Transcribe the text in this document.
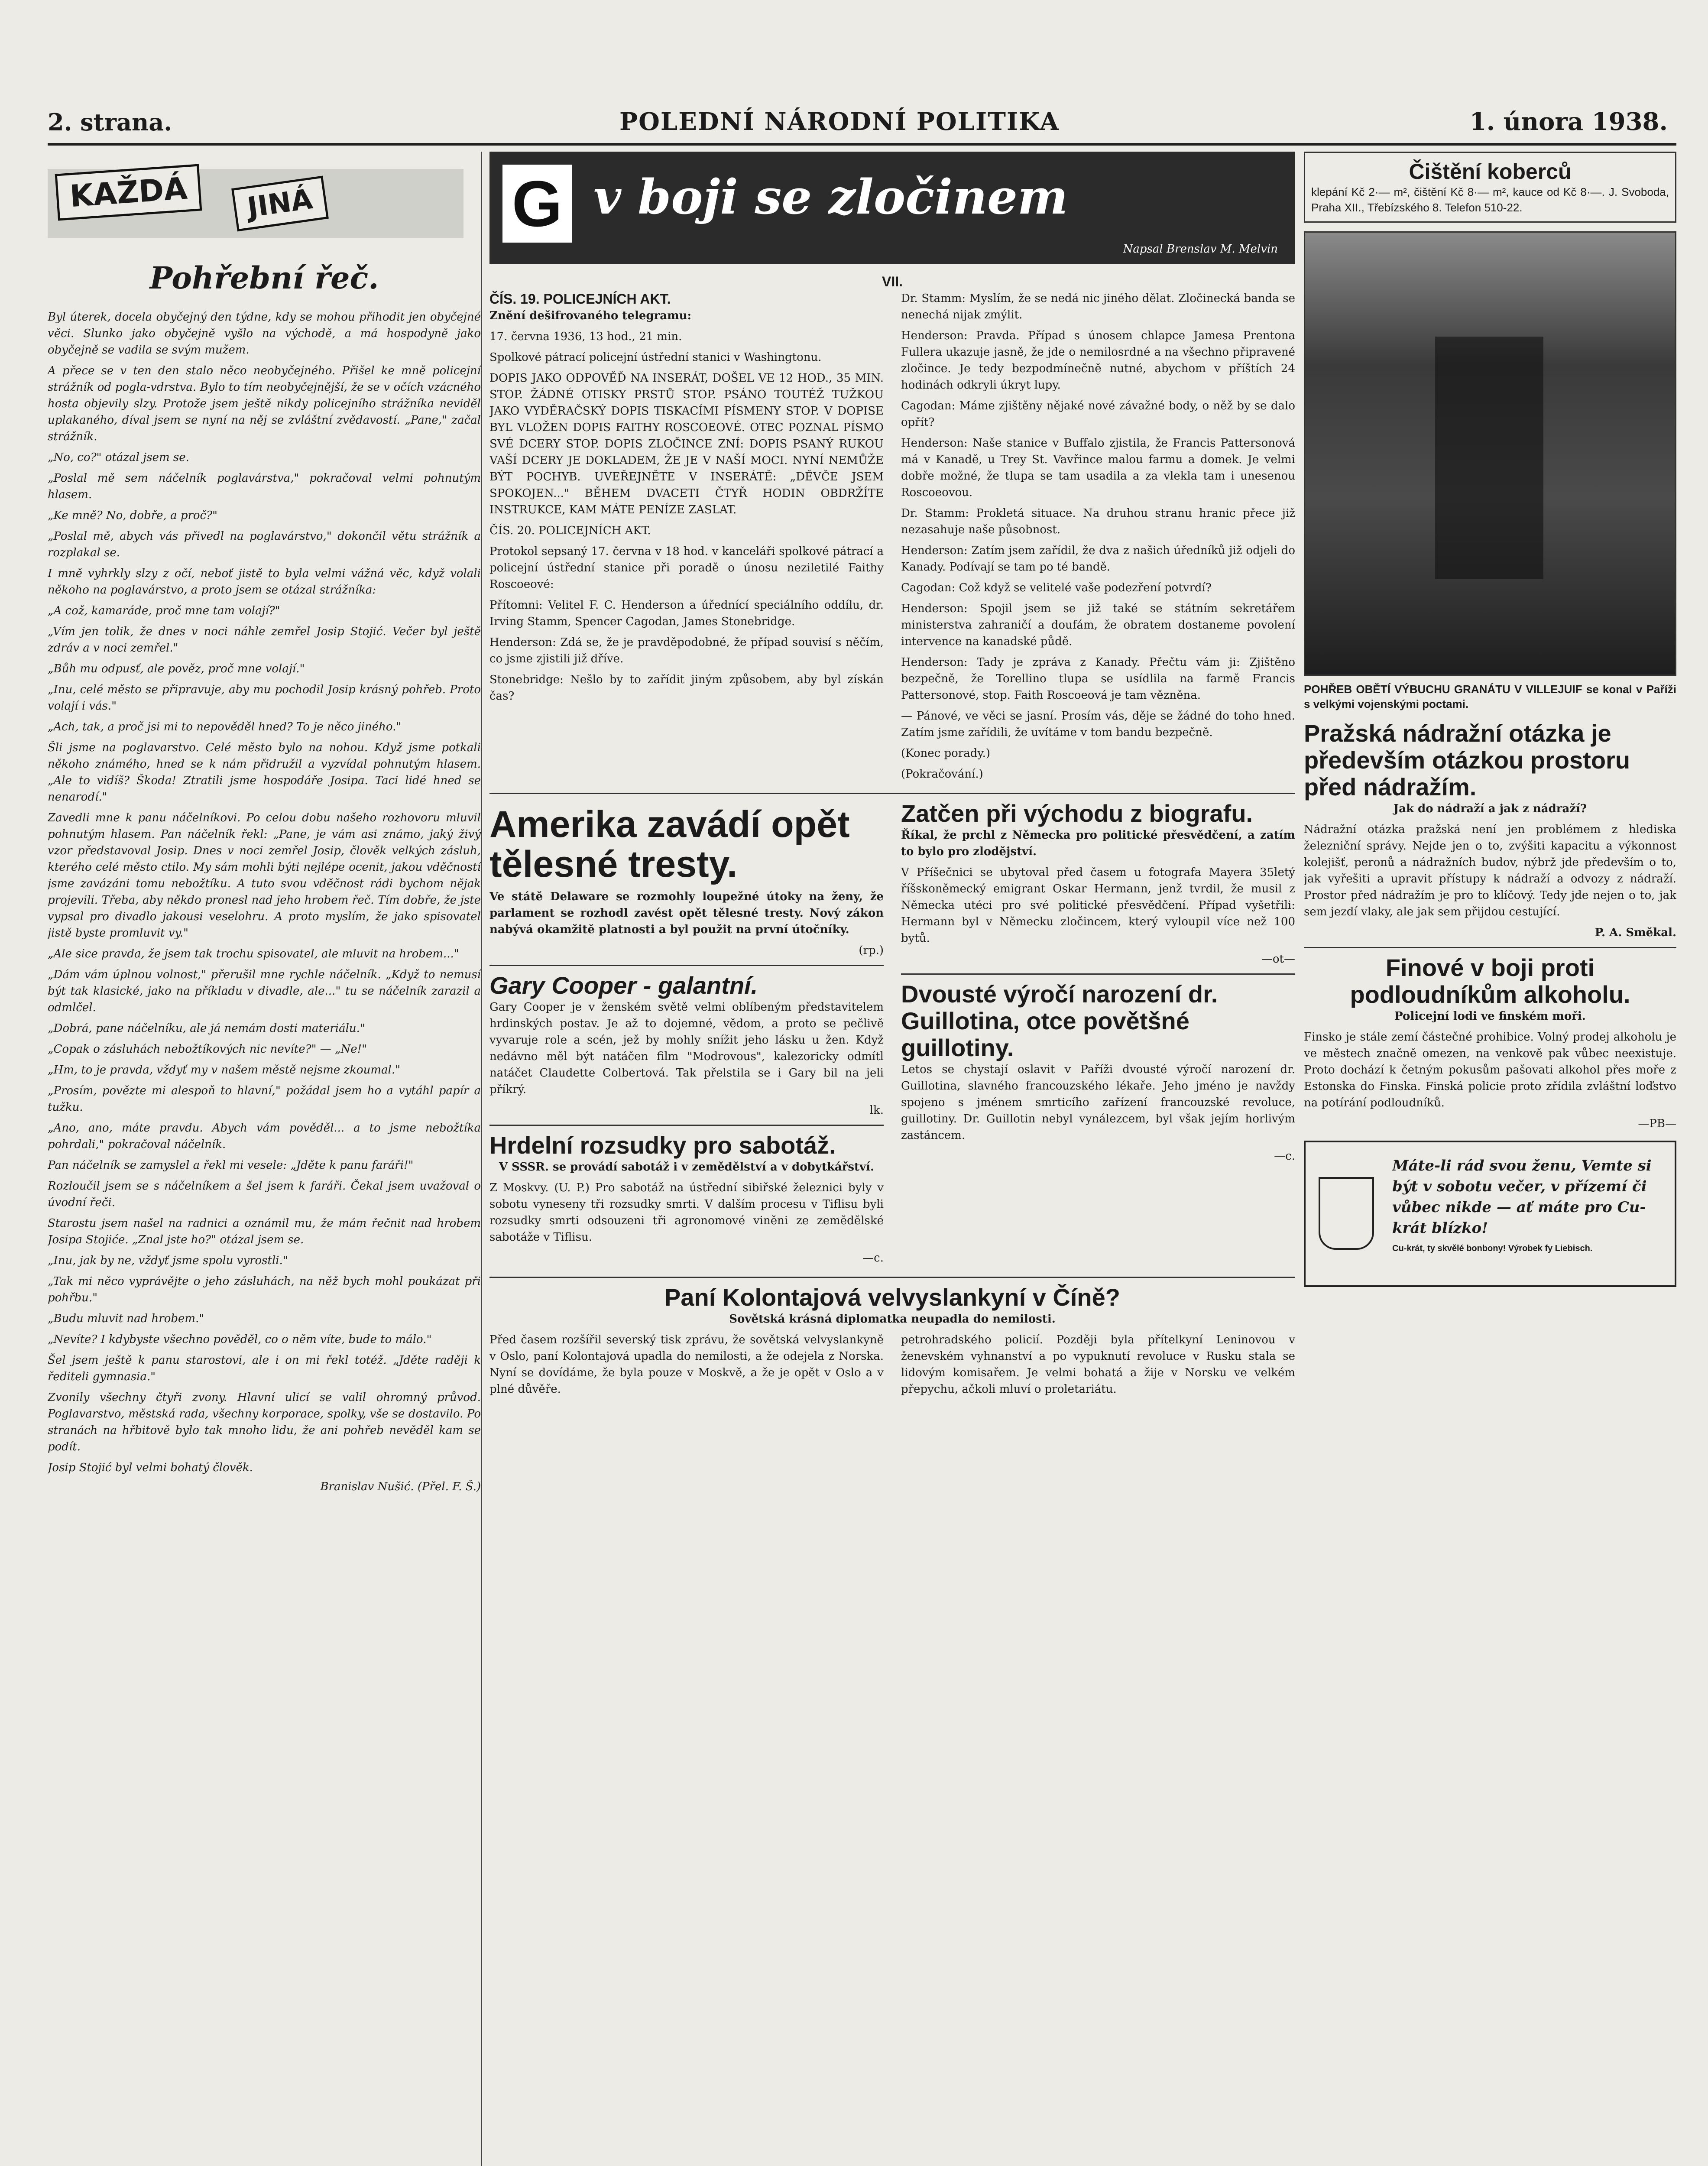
2. strana.	POLEDNÍ NÁRODNÍ POLITIKA	1. února 1938.
KAŽDÁ	JINÁ
Pohřební řeč.
Byl úterek, docela obyčejný den týdne, kdy se mohou přihodit jen obyčejné věci. Slunko jako obyčejně vyšlo na východě, a má hospodyně jako obyčejně se vadila se svým mužem.
A přece se v ten den stalo něco neobyčejného. Přišel ke mně policejní strážník od pogla-vdrstva. Bylo to tím neobyčejnější, že se v očích vzácného hosta objevily slzy. Protože jsem ještě nikdy policejního strážníka neviděl uplakaného, díval jsem se nyní na něj se zvláštní zvědavostí. „Pane," začal strážník.
„No, co?" otázal jsem se.
„Poslal mě sem náčelník poglavárstva," pokračoval velmi pohnutým hlasem.
„Ke mně? No, dobře, a proč?"
„Poslal mě, abych vás přivedl na poglavárstvo," dokončil větu strážník a rozplakal se.
I mně vyhrkly slzy z očí, neboť jistě to byla velmi vážná věc, když volali někoho na poglavárstvo, a proto jsem se otázal strážníka:
„A což, kamaráde, proč mne tam volají?"
„Vím jen tolik, že dnes v noci náhle zemřel Josip Stojić. Večer byl ještě zdráv a v noci zemřel."
„Bůh mu odpusť, ale pověz, proč mne volají."
„Inu, celé město se připravuje, aby mu pochodil Josip krásný pohřeb. Proto volají i vás."
„Ach, tak, a proč jsi mi to nepověděl hned? To je něco jiného."
Šli jsme na poglavarstvo. Celé město bylo na nohou. Když jsme potkali někoho známého, hned se k nám přidružil a vyzvídal pohnutým hlasem. „Ale to vidíš? Škoda! Ztratili jsme hospodáře Josipa. Taci lidé hned se nenarodí."
Zavedli mne k panu náčelníkovi. Po celou dobu našeho rozhovoru mluvil pohnutým hlasem. Pan náčelník řekl: „Pane, je vám asi známo, jaký živý vzor představoval Josip. Dnes v noci zemřel Josip, člověk velkých zásluh, kterého celé město ctilo. My sám mohli býti nejlépe ocenit, jakou vděčností jsme zavázáni tomu nebožtíku. A tuto svou vděčnost rádi bychom nějak projevili. Třeba, aby někdo pronesl nad jeho hrobem řeč. Tím dobře, že jste vypsal pro divadlo jakousi veselohru. A proto myslím, že jako spisovatel jistě byste promluvit vy."
„Ale sice pravda, že jsem tak trochu spisovatel, ale mluvit na hrobem..."
„Dám vám úplnou volnost," přerušil mne rychle náčelník. „Když to nemusí být tak klasické, jako na příkladu v divadle, ale..." tu se náčelník zarazil a odmlčel.
„Dobrá, pane náčelníku, ale já nemám dosti materiálu."
„Copak o zásluhách nebožtíkových nic nevíte?" — „Ne!"
„Hm, to je pravda, vždyť my v našem městě nejsme zkoumal."
„Prosím, povězte mi alespoň to hlavní," požádal jsem ho a vytáhl papír a tužku.
„Ano, ano, máte pravdu. Abych vám pověděl... a to jsme nebožtíka pohrdali," pokračoval náčelník.
Pan náčelník se zamyslel a řekl mi vesele: „Jděte k panu faráři!"
Rozloučil jsem se s náčelníkem a šel jsem k faráři. Čekal jsem uvažoval o úvodní řeči.
Starostu jsem našel na radnici a oznámil mu, že mám řečnit nad hrobem Josipa Stojiće. „Znal jste ho?" otázal jsem se.
„Inu, jak by ne, vždyť jsme spolu vyrostli."
„Tak mi něco vyprávějte o jeho zásluhách, na něž bych mohl poukázat při pohřbu."
„Budu mluvit nad hrobem."
„Nevíte? I kdybyste všechno pověděl, co o něm víte, bude to málo."
Šel jsem ještě k panu starostovi, ale i on mi řekl totéž. „Jděte raději k řediteli gymnasia."
Zvonily všechny čtyři zvony. Hlavní ulicí se valil ohromný průvod. Poglavarstvo, městská rada, všechny korporace, spolky, vše se dostavilo. Po stranách na hřbitově bylo tak mnoho lidu, že ani pohřeb nevěděl kam se podít.
Josip Stojić byl velmi bohatý člověk.
Branislav Nušić. (Přel. F. Š.)
G v boji se zločinem
Napsal Brenslav M. Melvin
VII.
ČÍS. 19. POLICEJNÍCH AKT.
Znění dešifrovaného telegramu:
17. června 1936, 13 hod., 21 min.
Spolkové pátrací policejní ústřední stanici v Washingtonu.
DOPIS JAKO ODPOVĚĎ NA INSERÁT, DOŠEL VE 12 HOD., 35 MIN. STOP. ŽÁDNÉ OTISKY PRSTŮ STOP. PSÁNO TOUTÉŽ TUŽKOU JAKO VYDĚRAČSKÝ DOPIS TISKACÍMI PÍSMENY STOP. V DOPISE BYL VLOŽEN DOPIS FAITHY ROSCOEOVÉ. OTEC POZNAL PÍSMO SVÉ DCERY STOP. DOPIS ZLOČINCE ZNÍ: DOPIS PSANÝ RUKOU VAŠÍ DCERY JE DOKLADEM, ŽE JE V NAŠÍ MOCI. NYNÍ NEMŮŽE BÝT POCHYB. UVEŘEJNĚTE V INSERÁTĚ: „DĚVČE JSEM SPOKOJEN..." BĚHEM DVACETI ČTYŘ HODIN OBDRŽÍTE INSTRUKCE, KAM MÁTE PENÍZE ZASLAT.
ČÍS. 20. POLICEJNÍCH AKT.
Protokol sepsaný 17. června v 18 hod. v kanceláři spolkové pátrací a policejní ústřední stanice při poradě o únosu neziletilé Faithy Roscoeové:
Přítomni: Velitel F. C. Henderson a úřednící speciálního oddílu, dr. Irving Stamm, Spencer Cagodan, James Stonebridge.
Henderson: Zdá se, že je pravděpodobné, že případ souvisí s něčím, co jsme zjistili již dříve.
Stonebridge: Nešlo by to zařídit jiným způsobem, aby byl získán čas?
Dr. Stamm: Myslím, že se nedá nic jiného dělat. Zločinecká banda se nenechá nijak zmýlit.
Henderson: Pravda. Případ s únosem chlapce Jamesa Prentona Fullera ukazuje jasně, že jde o nemilosrdné a na všechno připravené zločince. Je tedy bezpodmínečně nutné, abychom v příštích 24 hodinách odkryli úkryt lupy.
Cagodan: Máme zjištěny nějaké nové závažné body, o něž by se dalo opřít?
Henderson: Naše stanice v Buffalo zjistila, že Francis Pattersonová má v Kanadě, u Trey St. Vavřince malou farmu a domek. Je velmi dobře možné, že tlupa se tam usadila a za vlekla tam i unesenou Roscoeovou.
Dr. Stamm: Prokletá situace. Na druhou stranu hranic přece již nezasahuje naše působnost.
Henderson: Zatím jsem zařídil, že dva z našich úředníků již odjeli do Kanady. Podívají se tam po té bandě.
Cagodan: Což když se velitelé vaše podezření potvrdí?
Henderson: Spojil jsem se již také se státním sekretářem ministerstva zahraničí a doufám, že obratem dostaneme povolení intervence na kanadské půdě.
Henderson: Tady je zpráva z Kanady. Přečtu vám ji: Zjištěno bezpečně, že Torellino tlupa se usídlila na farmě Francis Pattersonové, stop. Faith Roscoeová je tam vězněna.
— Pánové, ve věci se jasní. Prosím vás, děje se žádné do toho hned. Zatím jsme zařídili, že uvítáme v tom bandu bezpečně.
(Konec porady.)
(Pokračování.)
Amerika zavádí opět tělesné tresty.
Ve státě Delaware se rozmohly loupežné útoky na ženy, že parlament se rozhodl zavést opět tělesné tresty. Nový zákon nabývá okamžitě platnosti a byl použit na první útočníky.
(rp.)
Gary Cooper - galantní.
Gary Cooper je v ženském světě velmi oblíbeným představitelem hrdinských postav. Je až to dojemné, vědom, a proto se pečlivě vyvaruje role a scén, jež by mohly snížit jeho lásku u žen. Když nedávno měl být natáčen film "Modrovous", kalezoricky odmítl natáčet Claudette Colbertová. Tak přelstila se i Gary bil na jeli příkrý.
lk.
Hrdelní rozsudky pro sabotáž.
V SSSR. se provádí sabotáž i v zemědělství a v dobytkářství.
Z Moskvy. (U. P.) Pro sabotáž na ústřední sibiřské železnici byly v sobotu vyneseny tři rozsudky smrti. V dalším procesu v Tiflisu byli rozsudky smrti odsouzeni tři agronomové viněni ze zemědělské sabotáže v Tiflisu.
—c.
Zatčen při východu z biografu.
Říkal, že prchl z Německa pro politické přesvědčení, a zatím to bylo pro zlodějství.
V Příšečnici se ubytoval před časem u fotografa Mayera 35letý říšskoněmecký emigrant Oskar Hermann, jenž tvrdil, že musil z Německa utéci pro své politické přesvědčení. Případ vyšetřili: Hermann byl v Německu zločincem, který vyloupil více než 100 bytů.
—ot—
Dvousté výročí narození dr. Guillotina, otce povětšné guillotiny.
Letos se chystají oslavit v Paříži dvousté výročí narození dr. Guillotina, slavného francouzského lékaře. Jeho jméno je navždy spojeno s jménem smrticího zařízení francouzské revoluce, guillotiny. Dr. Guillotin nebyl vynálezcem, byl však jejím horlivým zastáncem.
—c.
Paní Kolontajová velvyslankyní v Číně?
Sovětská krásná diplomatka neupadla do nemilosti.
Před časem rozšířil severský tisk zprávu, že sovětská velvyslankyně v Oslo, paní Kolontajová upadla do nemilosti, a že odejela z Norska. Nyní se dovídáme, že byla pouze v Moskvě, a že je opět v Oslo a v plné důvěře.
petrohradského policií. Později byla přítelkyní Leninovou v ženevském vyhnanství a po vypuknutí revoluce v Rusku stala se lidovým komisařem. Je velmi bohatá a žije v Norsku ve velkém přepychu, ačkoli mluví o proletariátu.
Čištění koberců
klepání Kč 2·— m², čištění Kč 8·— m², kauce od Kč 8·—. J. Svoboda, Praha XII., Třebízského 8. Telefon 510-22.
POHŘEB OBĚTÍ VÝBUCHU GRANÁTU V VILLEJUIF se konal v Paříži s velkými vojenskými poctami.
Pražská nádražní otázka je především otázkou prostoru před nádražím.
Jak do nádraží a jak z nádraží?
Nádražní otázka pražská není jen problémem z hlediska železniční správy. Nejde jen o to, zvýšiti kapacitu a výkonnost kolejišť, peronů a nádražních budov, nýbrž jde především o to, jak vyřešiti a upravit přístupy k nádraží a odvozy z nádraží. Prostor před nádražím je pro to klíčový. Tedy jde nejen o to, jak sem jezdí vlaky, ale jak sem přijdou cestující.
P. A. Směkal.
Finové v boji proti podloudníkům alkoholu.
Policejní lodi ve finském moři.
Finsko je stále zemí částečné prohibice. Volný prodej alkoholu je ve městech značně omezen, na venkově pak vůbec neexistuje. Proto dochází k četným pokusům pašovati alkohol přes moře z Estonska do Finska. Finská policie proto zřídila zvláštní loďstvo na potírání podloudníků.
—PB—
Máte-li rád svou ženu, Vemte si být v sobotu večer, v přízemí či vůbec nikde — ať máte pro Cu-krát blízko!
Cu-krát, ty skvělé bonbony! Výrobek fy Liebisch.
